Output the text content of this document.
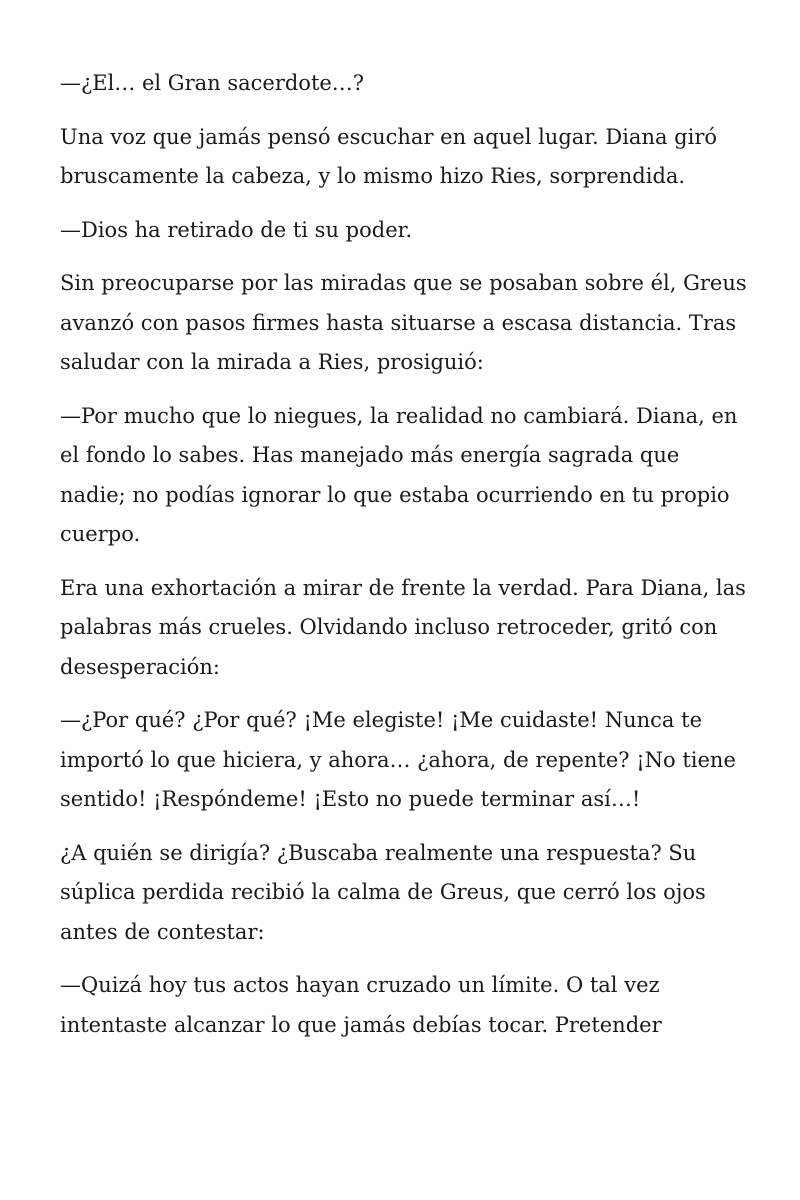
—¿El… el Gran sacerdote…?

Una voz que jamás pensó escuchar en aquel lugar. Diana giró bruscamente la cabeza, y lo mismo hizo Ries, sorprendida.

—Dios ha retirado de ti su poder.

Sin preocuparse por las miradas que se posaban sobre él, Greus avanzó con pasos firmes hasta situarse a escasa distancia. Tras saludar con la mirada a Ries, prosiguió:

—Por mucho que lo niegues, la realidad no cambiará. Diana, en el fondo lo sabes. Has manejado más energía sagrada que nadie; no podías ignorar lo que estaba ocurriendo en tu propio cuerpo.

Era una exhortación a mirar de frente la verdad. Para Diana, las palabras más crueles. Olvidando incluso retroceder, gritó con desesperación:

—¿Por qué? ¿Por qué? ¡Me elegiste! ¡Me cuidaste! Nunca te importó lo que hiciera, y ahora… ¿ahora, de repente? ¡No tiene sentido! ¡Respóndeme! ¡Esto no puede terminar así…!

¿A quién se dirigía? ¿Buscaba realmente una respuesta? Su súplica perdida recibió la calma de Greus, que cerró los ojos antes de contestar:

—Quizá hoy tus actos hayan cruzado un límite. O tal vez intentaste alcanzar lo que jamás debías tocar. Pretender
